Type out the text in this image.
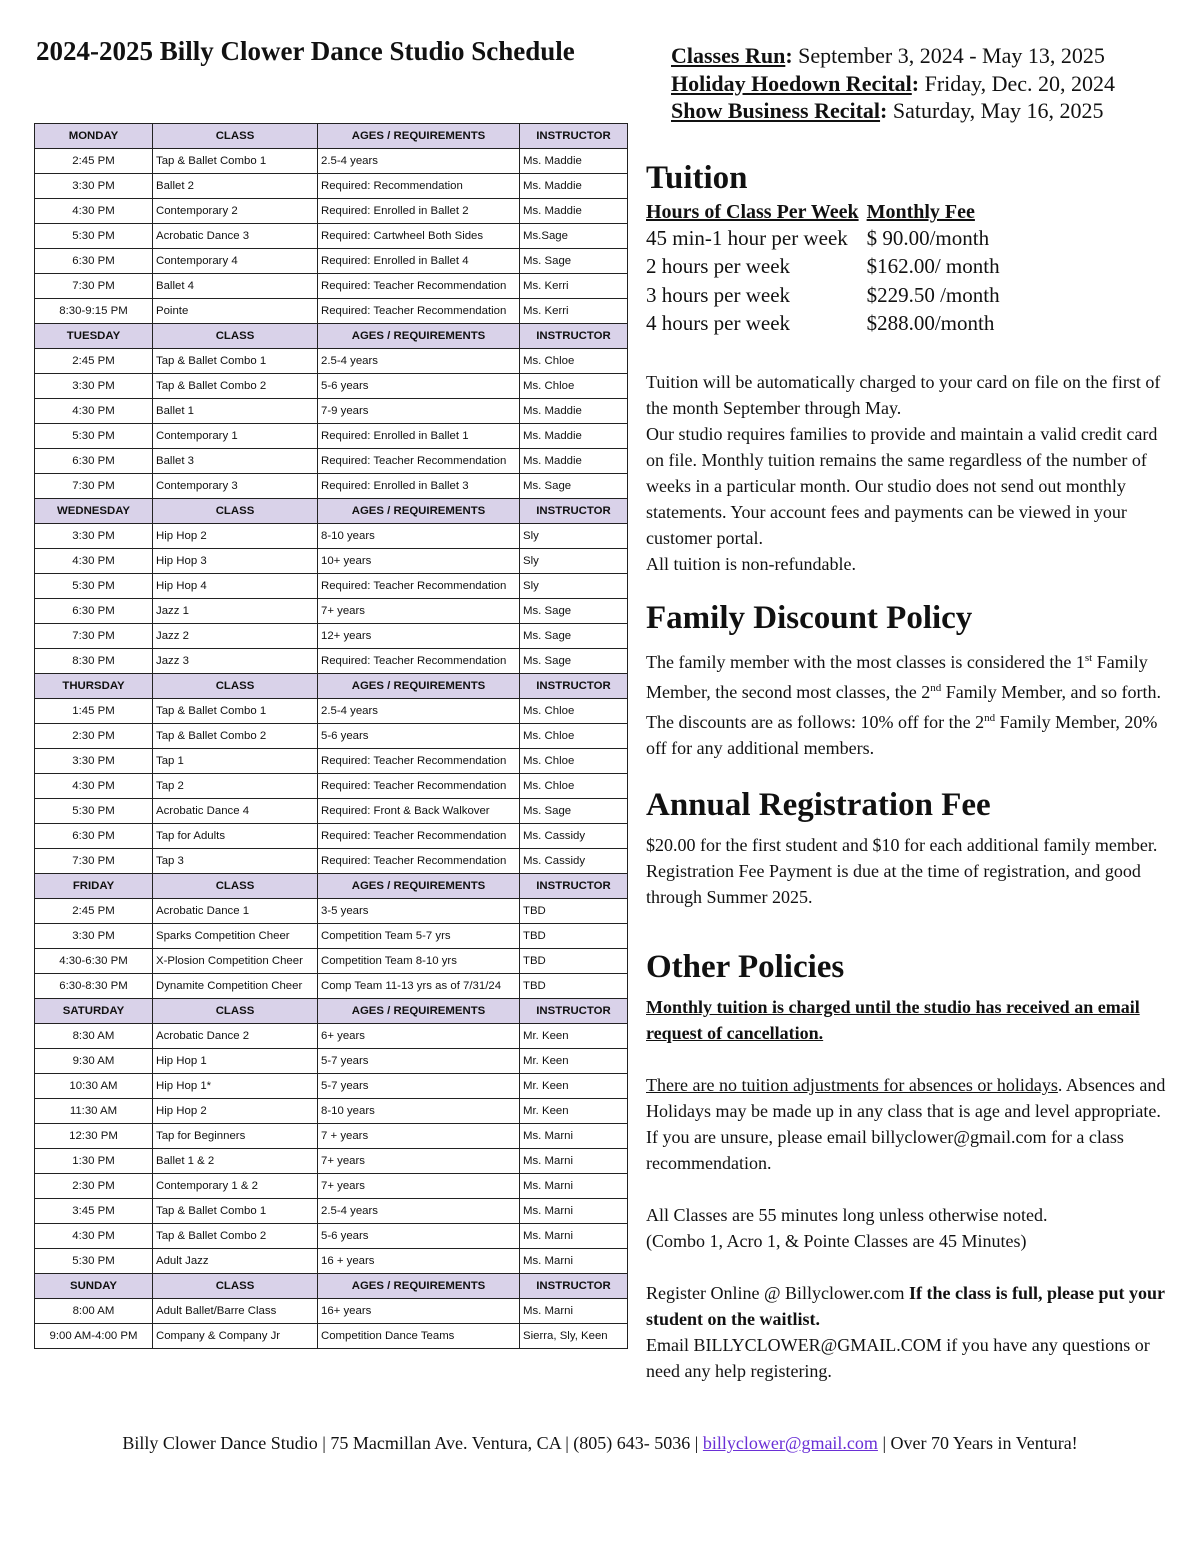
2024-2025 Billy Clower Dance Studio Schedule	Classes Run: September 3, 2024 - May 13, 2025
Holiday Hoedown Recital: Friday, Dec. 20, 2024
Show Business Recital: Saturday, May 16, 2025
MONDAY	CLASS	AGES / REQUIREMENTS	INSTRUCTOR
2:45 PM	Tap & Ballet Combo 1	2.5-4 years	Ms. Maddie
3:30 PM	Ballet 2	Required: Recommendation	Ms. Maddie
4:30 PM	Contemporary 2	Required: Enrolled in Ballet 2	Ms. Maddie
5:30 PM	Acrobatic Dance 3	Required: Cartwheel Both Sides	Ms.Sage
6:30 PM	Contemporary 4	Required: Enrolled in Ballet 4	Ms. Sage
7:30 PM	Ballet 4	Required: Teacher Recommendation	Ms. Kerri
8:30-9:15 PM	Pointe	Required: Teacher Recommendation	Ms. Kerri
TUESDAY	CLASS	AGES / REQUIREMENTS	INSTRUCTOR
2:45 PM	Tap & Ballet Combo 1	2.5-4 years	Ms. Chloe
3:30 PM	Tap & Ballet Combo 2	5-6 years	Ms. Chloe
4:30 PM	Ballet 1	7-9 years	Ms. Maddie
5:30 PM	Contemporary 1	Required: Enrolled in Ballet 1	Ms. Maddie
6:30 PM	Ballet 3	Required: Teacher Recommendation	Ms. Maddie
7:30 PM	Contemporary 3	Required: Enrolled in Ballet 3	Ms. Sage
WEDNESDAY	CLASS	AGES / REQUIREMENTS	INSTRUCTOR
3:30 PM	Hip Hop 2	8-10 years	Sly
4:30 PM	Hip Hop 3	10+ years	Sly
5:30 PM	Hip Hop 4	Required: Teacher Recommendation	Sly
6:30 PM	Jazz 1	7+ years	Ms. Sage
7:30 PM	Jazz 2	12+ years	Ms. Sage
8:30 PM	Jazz 3	Required: Teacher Recommendation	Ms. Sage
THURSDAY	CLASS	AGES / REQUIREMENTS	INSTRUCTOR
1:45 PM	Tap & Ballet Combo 1	2.5-4 years	Ms. Chloe
2:30 PM	Tap & Ballet Combo 2	5-6 years	Ms. Chloe
3:30 PM	Tap 1	Required: Teacher Recommendation	Ms. Chloe
4:30 PM	Tap 2	Required: Teacher Recommendation	Ms. Chloe
5:30 PM	Acrobatic Dance 4	Required: Front & Back Walkover	Ms. Sage
6:30 PM	Tap for Adults	Required: Teacher Recommendation	Ms. Cassidy
7:30 PM	Tap 3	Required: Teacher Recommendation	Ms. Cassidy
FRIDAY	CLASS	AGES / REQUIREMENTS	INSTRUCTOR
2:45 PM	Acrobatic Dance 1	3-5 years	TBD
3:30 PM	Sparks Competition Cheer	Competition Team 5-7 yrs	TBD
4:30-6:30 PM	X-Plosion Competition Cheer	Competition Team 8-10 yrs	TBD
6:30-8:30 PM	Dynamite Competition Cheer	Comp Team 11-13 yrs as of 7/31/24	TBD
SATURDAY	CLASS	AGES / REQUIREMENTS	INSTRUCTOR
8:30 AM	Acrobatic Dance 2	6+ years	Mr. Keen
9:30 AM	Hip Hop 1	5-7 years	Mr. Keen
10:30 AM	Hip Hop 1*	5-7 years	Mr. Keen
11:30 AM	Hip Hop 2	8-10 years	Mr. Keen
12:30 PM	Tap for Beginners	7 + years	Ms. Marni
1:30 PM	Ballet 1 & 2	7+ years	Ms. Marni
2:30 PM	Contemporary 1 & 2	7+ years	Ms. Marni
3:45 PM	Tap & Ballet Combo 1	2.5-4 years	Ms. Marni
4:30 PM	Tap & Ballet Combo 2	5-6 years	Ms. Marni
5:30 PM	Adult Jazz	16 + years	Ms. Marni
SUNDAY	CLASS	AGES / REQUIREMENTS	INSTRUCTOR
8:00 AM	Adult Ballet/Barre Class	16+ years	Ms. Marni
9:00 AM-4:00 PM	Company & Company Jr	Competition Dance Teams	Sierra, Sly, Keen
Tuition
Hours of Class Per Week	Monthly Fee
45 min-1 hour per week	$ 90.00/month
2 hours per week	$162.00/ month
3 hours per week	$229.50 /month
4 hours per week	$288.00/month
Tuition will be automatically charged to your card on file on the first of the month September through May.
Our studio requires families to provide and maintain a valid credit card on file. Monthly tuition remains the same regardless of the number of weeks in a particular month. Our studio does not send out monthly statements. Your account fees and payments can be viewed in your customer portal.
All tuition is non-refundable.
Family Discount Policy
The family member with the most classes is considered the 1st Family Member, the second most classes, the 2nd Family Member, and so forth. The discounts are as follows: 10% off for the 2nd Family Member, 20% off for any additional members.
Annual Registration Fee
$20.00 for the first student and $10 for each additional family member. Registration Fee Payment is due at the time of registration, and good through Summer 2025.
Other Policies
Monthly tuition is charged until the studio has received an email request of cancellation.
There are no tuition adjustments for absences or holidays. Absences and Holidays may be made up in any class that is age and level appropriate. If you are unsure, please email billyclower@gmail.com for a class recommendation.
All Classes are 55 minutes long unless otherwise noted.
(Combo 1, Acro 1, & Pointe Classes are 45 Minutes)
Register Online @ Billyclower.com If the class is full, please put your student on the waitlist.
Email BILLYCLOWER@GMAIL.COM if you have any questions or need any help registering.
Billy Clower Dance Studio | 75 Macmillan Ave. Ventura, CA | (805) 643- 5036 | billyclower@gmail.com | Over 70 Years in Ventura!
